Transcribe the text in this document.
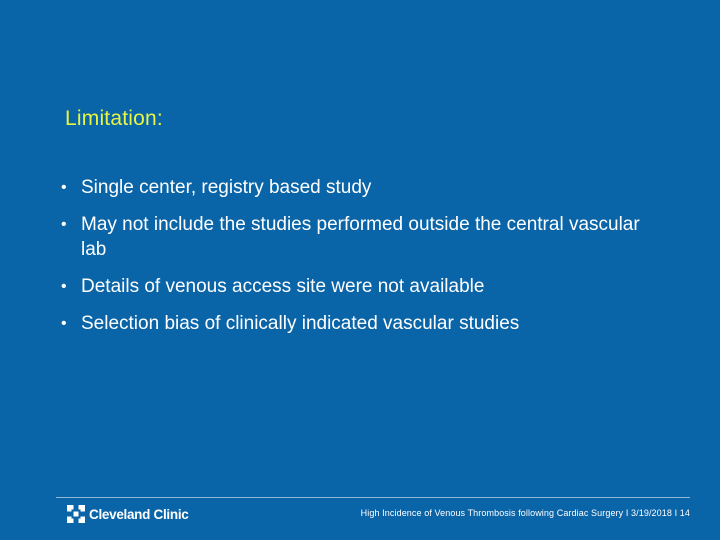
Limitation:
• Single center, registry based study
• May not include the studies performed outside the central vascular lab
• Details of venous access site were not available
• Selection bias of clinically indicated vascular studies
Cleveland Clinic	High Incidence of Venous Thrombosis following Cardiac Surgery I 3/19/2018 I 14
